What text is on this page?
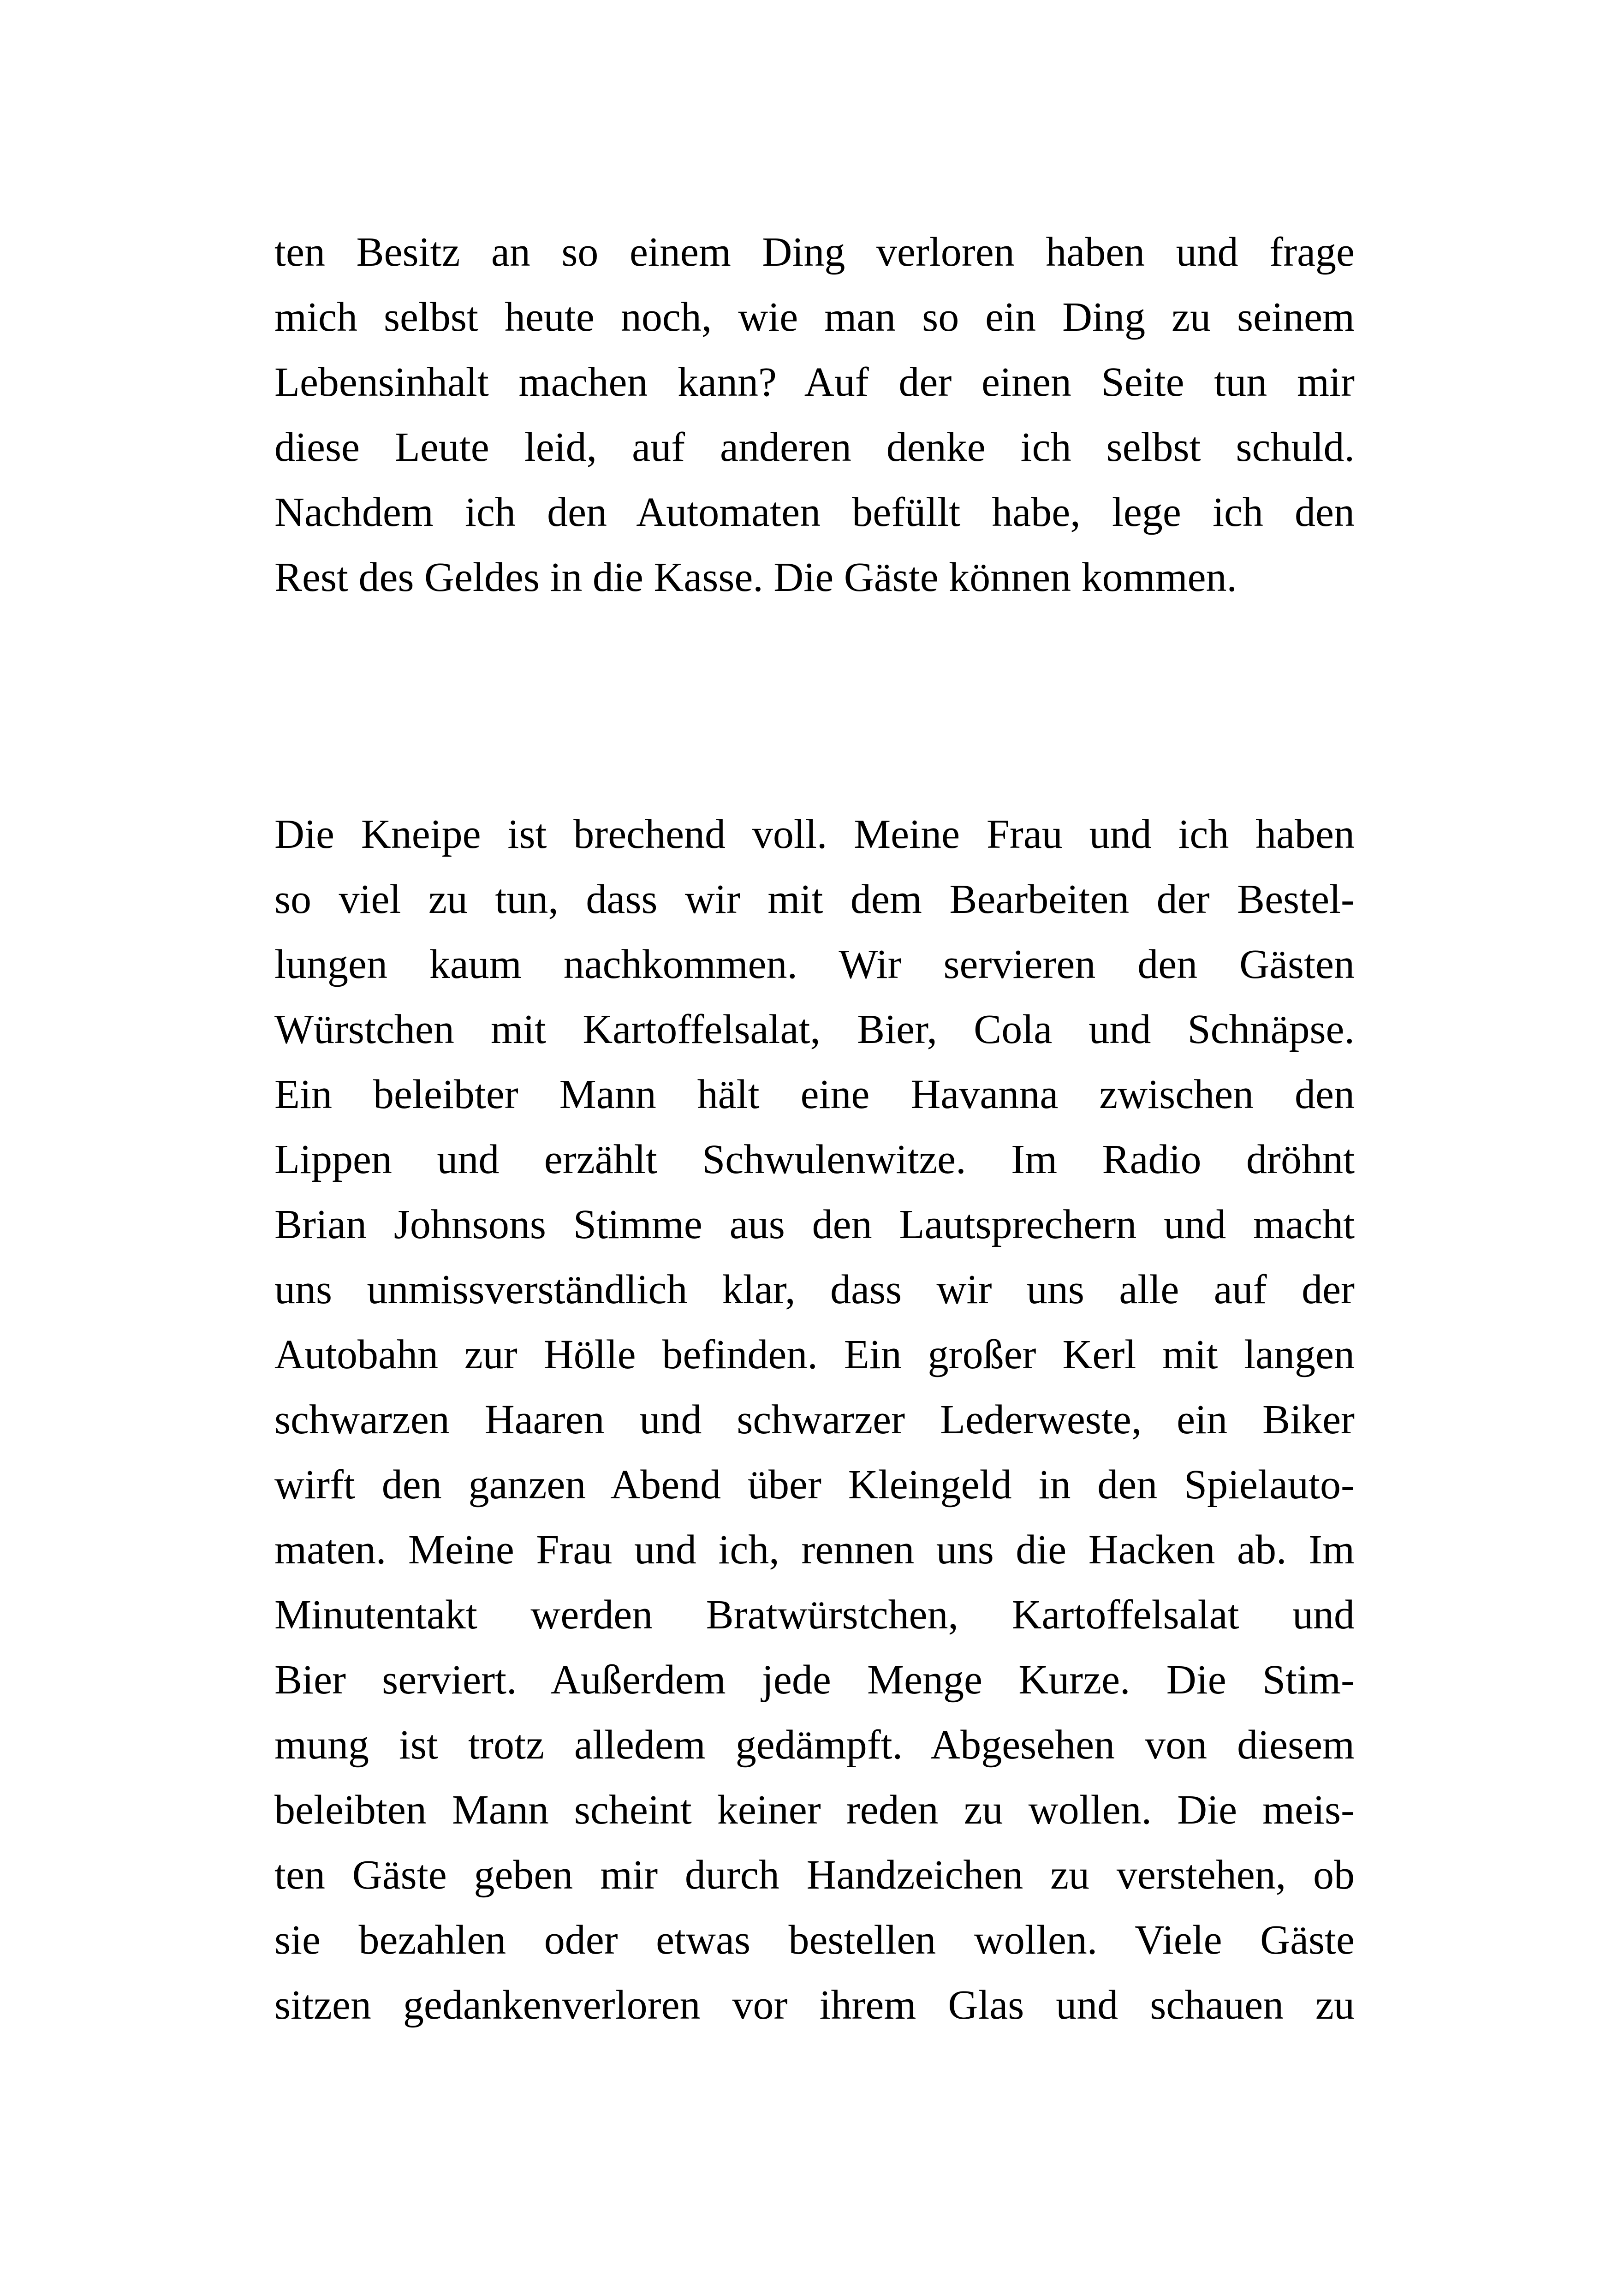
ten Besitz an so einem Ding verloren haben und frage
mich selbst heute noch, wie man so ein Ding zu seinem
Lebensinhalt machen kann? Auf der einen Seite tun mir
diese Leute leid, auf anderen denke ich selbst schuld.
Nachdem ich den Automaten befüllt habe, lege ich den
Rest des Geldes in die Kasse. Die Gäste können kommen.
Die Kneipe ist brechend voll. Meine Frau und ich haben
so viel zu tun, dass wir mit dem Bearbeiten der Bestel-
lungen kaum nachkommen. Wir servieren den Gästen
Würstchen mit Kartoffelsalat, Bier, Cola und Schnäpse.
Ein beleibter Mann hält eine Havanna zwischen den
Lippen und erzählt Schwulenwitze. Im Radio dröhnt
Brian Johnsons Stimme aus den Lautsprechern und macht
uns unmissverständlich klar, dass wir uns alle auf der
Autobahn zur Hölle befinden. Ein großer Kerl mit langen
schwarzen Haaren und schwarzer Lederweste, ein Biker
wirft den ganzen Abend über Kleingeld in den Spielauto-
maten. Meine Frau und ich, rennen uns die Hacken ab. Im
Minutentakt werden Bratwürstchen, Kartoffelsalat und
Bier serviert. Außerdem jede Menge Kurze. Die Stim-
mung ist trotz alledem gedämpft. Abgesehen von diesem
beleibten Mann scheint keiner reden zu wollen. Die meis-
ten Gäste geben mir durch Handzeichen zu verstehen, ob
sie bezahlen oder etwas bestellen wollen. Viele Gäste
sitzen gedankenverloren vor ihrem Glas und schauen zu
